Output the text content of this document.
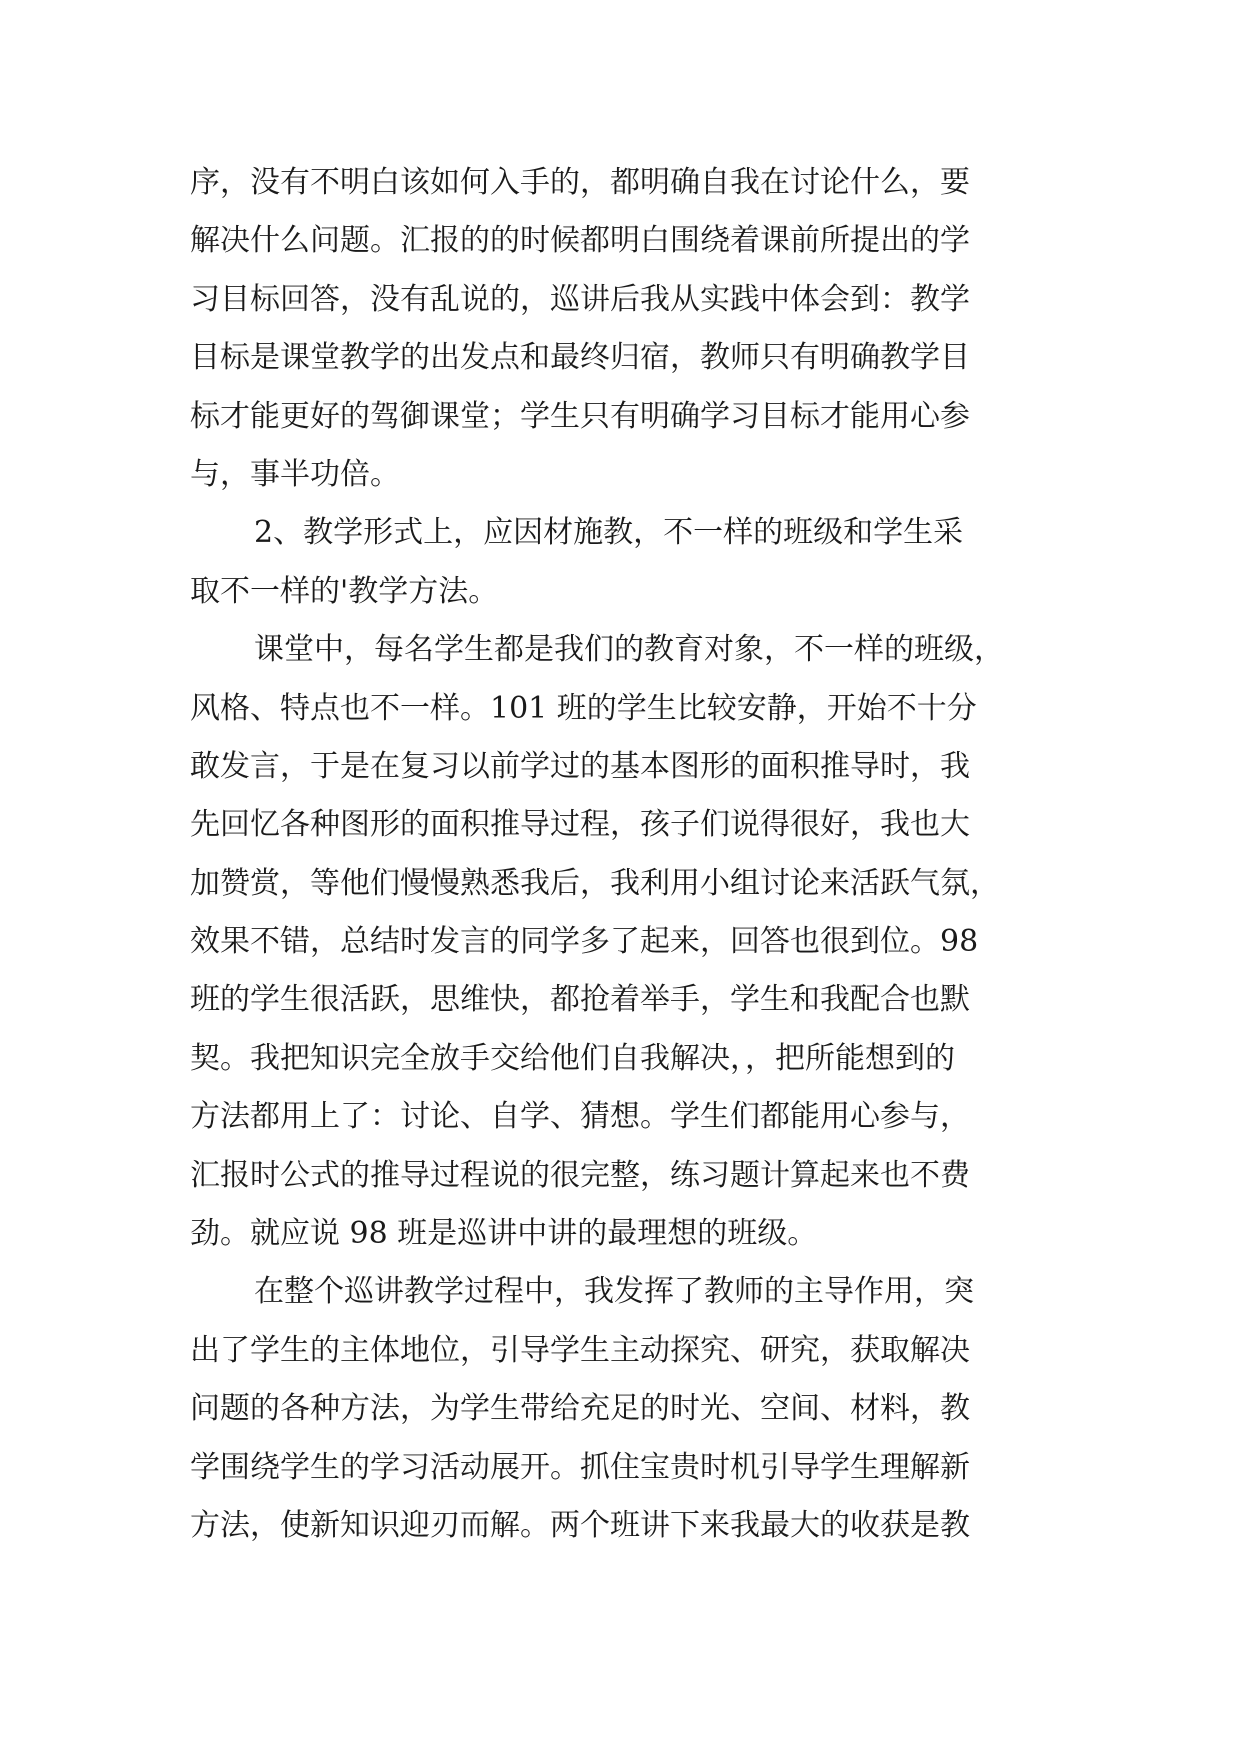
序，没有不明白该如何入手的，都明确自我在讨论什么，要
解决什么问题。汇报的的时候都明白围绕着课前所提出的学
习目标回答，没有乱说的，巡讲后我从实践中体会到：教学
目标是课堂教学的出发点和最终归宿，教师只有明确教学目
标才能更好的驾御课堂；学生只有明确学习目标才能用心参
与，事半功倍。
2、教学形式上，应因材施教，不一样的班级和学生采
取不一样的'教学方法。
课堂中，每名学生都是我们的教育对象，不一样的班级，
风格、特点也不一样。101 班的学生比较安静，开始不十分
敢发言，于是在复习以前学过的基本图形的面积推导时，我
先回忆各种图形的面积推导过程，孩子们说得很好，我也大
加赞赏，等他们慢慢熟悉我后，我利用小组讨论来活跃气氛，
效果不错，总结时发言的同学多了起来，回答也很到位。98
班的学生很活跃，思维快，都抢着举手，学生和我配合也默
契。我把知识完全放手交给他们自我解决，，把所能想到的
方法都用上了：讨论、自学、猜想。学生们都能用心参与，
汇报时公式的推导过程说的很完整，练习题计算起来也不费
劲。就应说 98 班是巡讲中讲的最理想的班级。
在整个巡讲教学过程中，我发挥了教师的主导作用，突
出了学生的主体地位，引导学生主动探究、研究，获取解决
问题的各种方法，为学生带给充足的时光、空间、材料，教
学围绕学生的学习活动展开。抓住宝贵时机引导学生理解新
方法，使新知识迎刃而解。两个班讲下来我最大的收获是教
